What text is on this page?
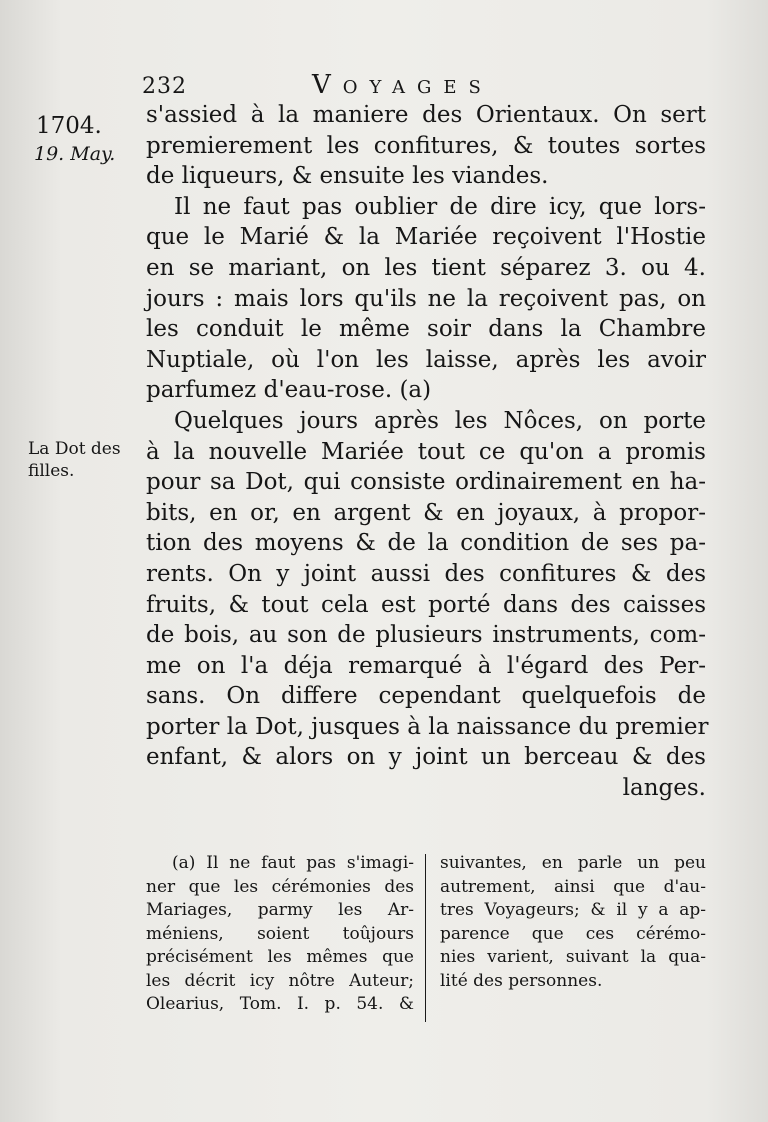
232	Voyages
1704.
19. May.
La Dot des filles.
s'assied à la maniere des Orientaux. On sert
premierement les confitures, & toutes sortes
de liqueurs, & ensuite les viandes.
Il ne faut pas oublier de dire icy, que lors-
que le Marié & la Mariée reçoivent l'Hostie
en se mariant, on les tient séparez 3. ou 4.
jours : mais lors qu'ils ne la reçoivent pas, on
les conduit le même soir dans la Chambre
Nuptiale, où l'on les laisse, après les avoir
parfumez d'eau-rose. (a)
Quelques jours après les Nôces, on porte
à la nouvelle Mariée tout ce qu'on a promis
pour sa Dot, qui consiste ordinairement en ha-
bits, en or, en argent & en joyaux, à propor-
tion des moyens & de la condition de ses pa-
rents. On y joint aussi des confitures & des
fruits, & tout cela est porté dans des caisses
de bois, au son de plusieurs instruments, com-
me on l'a déja remarqué à l'égard des Per-
sans. On differe cependant quelquefois de
porter la Dot, jusques à la naissance du premier
enfant, & alors on y joint un berceau & des
langes.
(a) Il ne faut pas s'imagi-
ner que les cérémonies des
Mariages, parmy les Ar-
méniens, soient toûjours
précisément les mêmes que
les décrit icy nôtre Auteur;
Olearius, Tom. I. p. 54. &
suivantes, en parle un peu
autrement, ainsi que d'au-
tres Voyageurs; & il y a ap-
parence que ces cérémo-
nies varient, suivant la qua-
lité des personnes.
